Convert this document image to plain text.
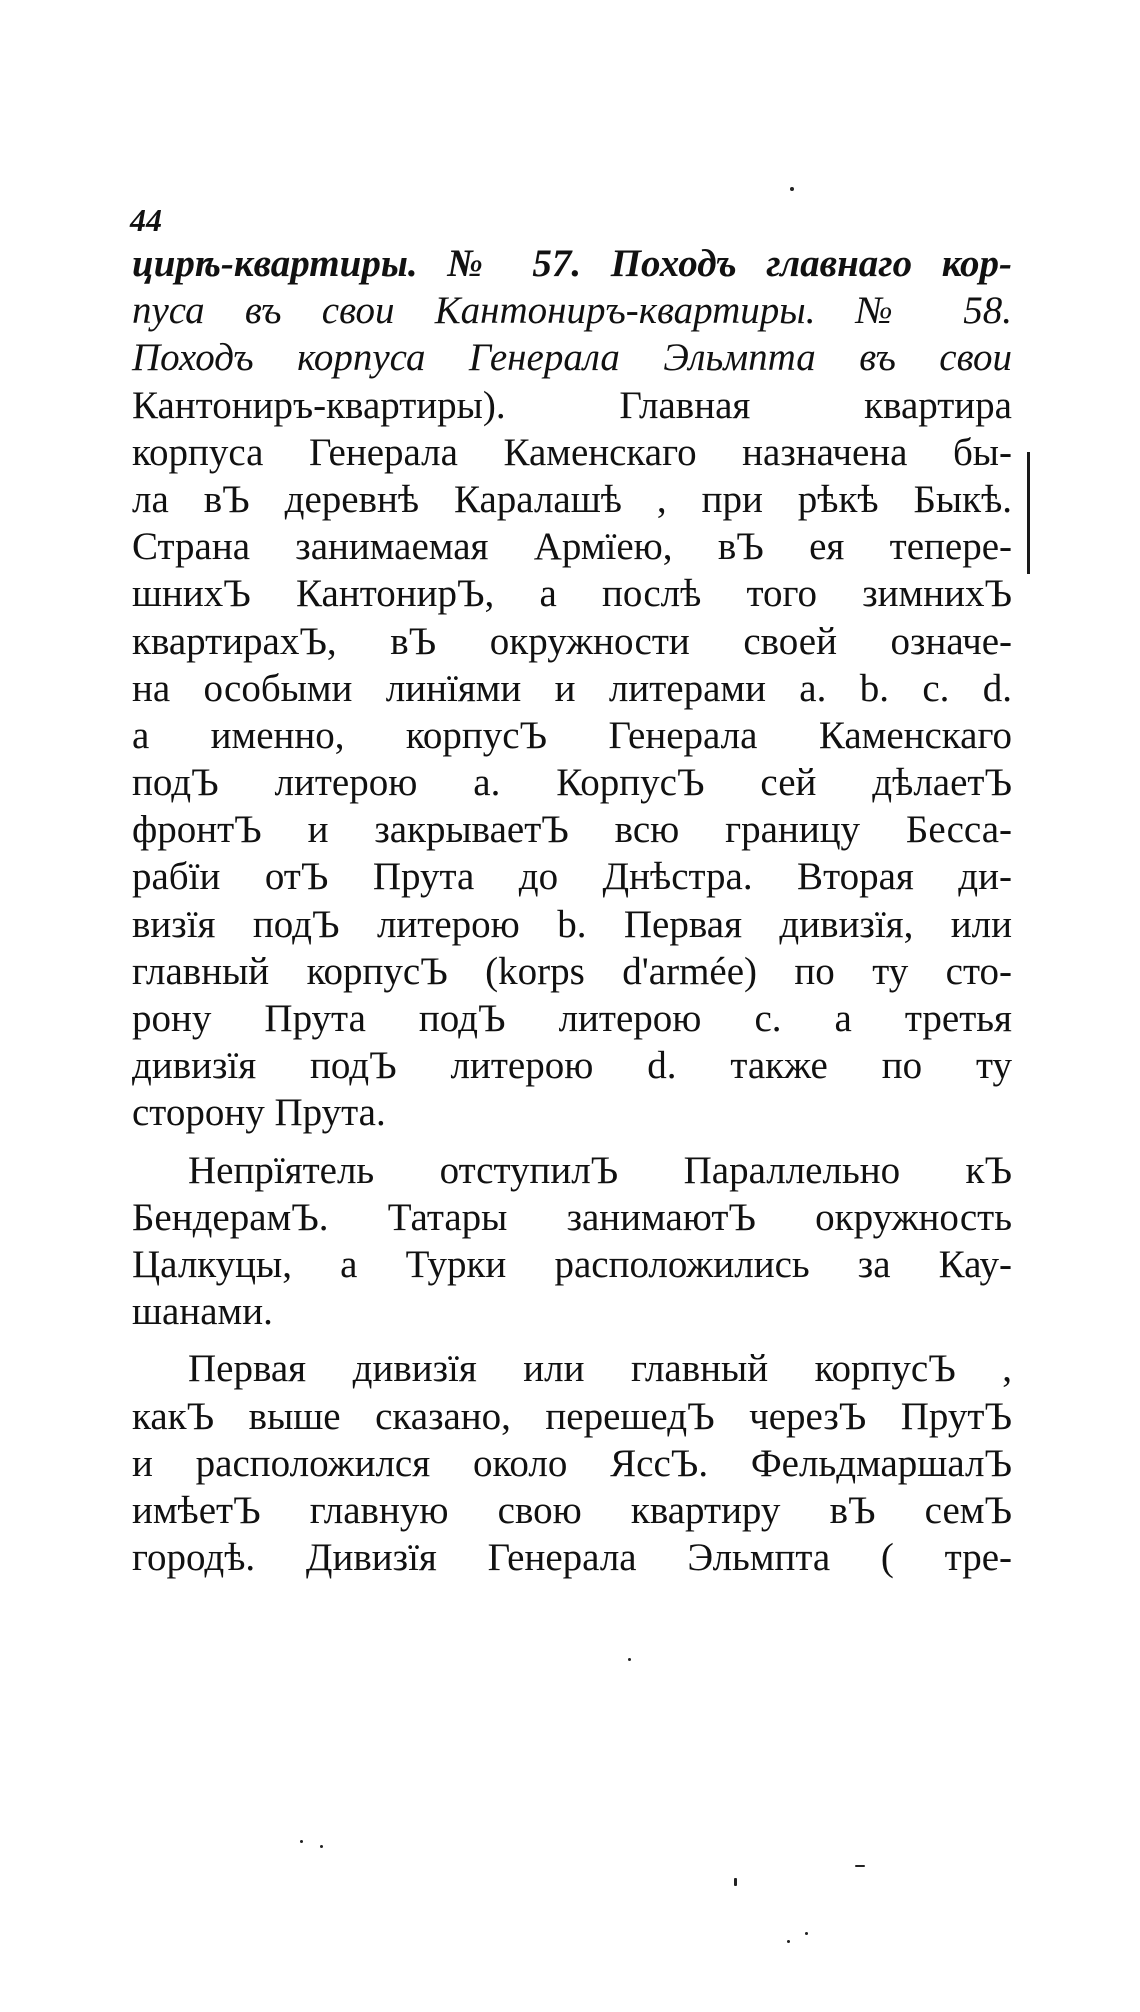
44
цирѣ-квартиры. № 57. Походъ главнаго кор-
пуса въ свои Кантониръ-квартиры. № 58.
Походъ корпуса Генерала Эльмпта въ свои
Кантониръ-квартиры). Главная квартира
корпуса Генерала Каменскаго назначена бы-
ла вЪ деревнѣ Каралашѣ , при рѣкѣ Быкѣ.
Страна занимаемая Армїею, вЪ ея тепере-
шнихЪ КантонирЪ, а послѣ того зимнихЪ
квартирахЪ, вЪ окружности своей означе-
на особыми линїями и литерами a. b. c. d.
а именно, корпусЪ Генерала Каменскаго
подЪ литерою a. КорпусЪ сей дѣлаетЪ
фронтЪ и закрываетЪ всю границу Бесса-
рабїи отЪ Прута до Днѣстра. Вторая ди-
визїя подЪ литерою b. Первая дивизїя, или
главный корпусЪ (korps d'armée) по ту сто-
рону Прута подЪ литерою c. а третья
дивизїя подЪ литерою d. также по ту
сторону Прута.
Непрїятель отступилЪ Параллельно кЪ
БендерамЪ. Татары занимаютЪ окружность
Цалкуцы, а Турки расположились за Кау-
шанами.
Первая дивизїя или главный корпусЪ ,
какЪ выше сказано, перешедЪ черезЪ ПрутЪ
и расположился около ЯссЪ. ФельдмаршалЪ
имѣетЪ главную свою квартиру вЪ семЪ
городѣ. Дивизїя Генерала Эльмпта ( тре-
